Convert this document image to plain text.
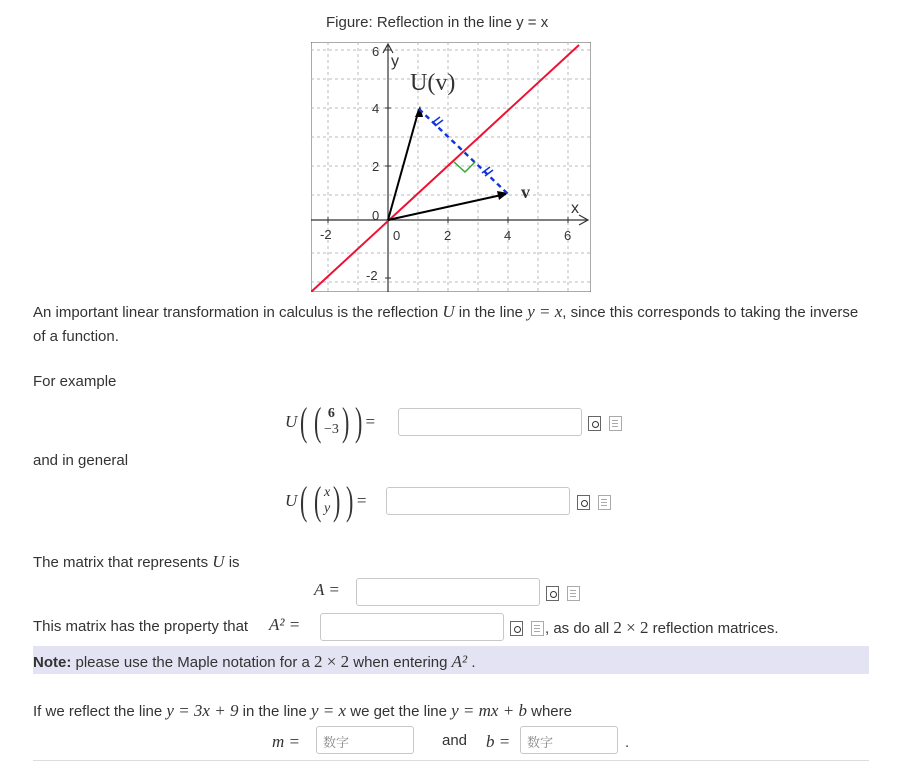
Figure: Reflection in the line y = x
6
y
4
2
0
-2
-2	0	2	4	6
x
U(v)
v
An important linear transformation in calculus is the reflection U in the line y = x, since this corresponds to taking the inverse of a function.
For example
U ( ( 6
−3 ) ) =
and in general
U ( ( x
y ) ) =
The matrix that represents U is
A =
This matrix has the property that A² =	, as do all 2 × 2 reflection matrices.
Note: please use the Maple notation for a 2 × 2 when entering A² .
If we reflect the line y = 3x + 9 in the line y = x we get the line y = mx + b where
m =	数字	and b =	数字	.
